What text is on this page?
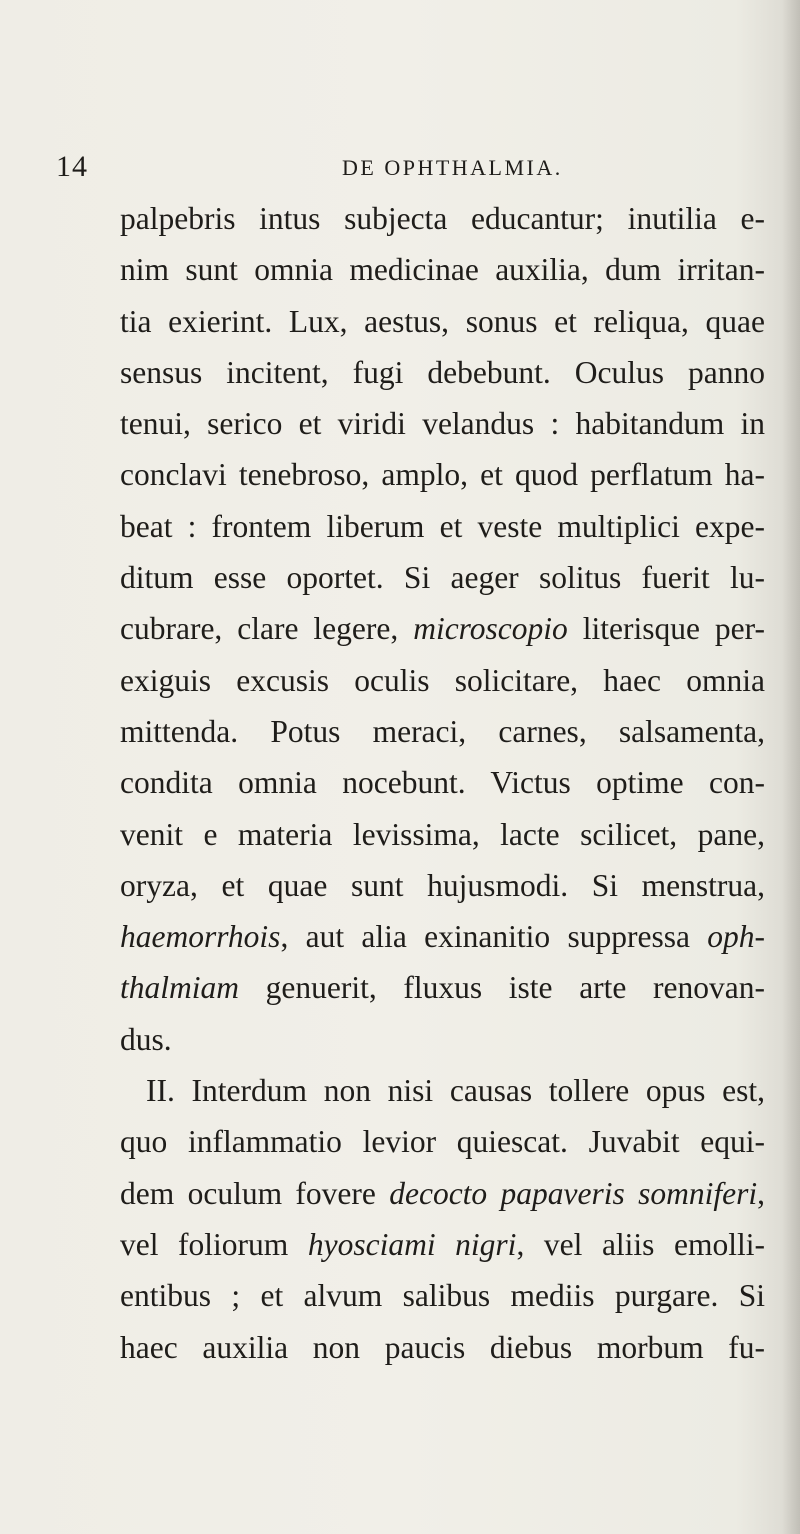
14	DE OPHTHALMIA.
palpebris intus subjecta educantur; inutilia e-
nim sunt omnia medicinae auxilia, dum irritan-
tia exierint. Lux, aestus, sonus et reliqua, quae
sensus incitent, fugi debebunt. Oculus panno
tenui, serico et viridi velandus : habitandum in
conclavi tenebroso, amplo, et quod perflatum ha-
beat : frontem liberum et veste multiplici expe-
ditum esse oportet. Si aeger solitus fuerit lu-
cubrare, clare legere, microscopio literisque per-
exiguis excusis oculis solicitare, haec omnia
mittenda. Potus meraci, carnes, salsamenta,
condita omnia nocebunt. Victus optime con-
venit e materia levissima, lacte scilicet, pane,
oryza, et quae sunt hujusmodi. Si menstrua,
haemorrhois, aut alia exinanitio suppressa oph-
thalmiam genuerit, fluxus iste arte renovan-
dus.
II. Interdum non nisi causas tollere opus est,
quo inflammatio levior quiescat. Juvabit equi-
dem oculum fovere decocto papaveris somniferi,
vel foliorum hyosciami nigri, vel aliis emolli-
entibus ; et alvum salibus mediis purgare. Si
haec auxilia non paucis diebus morbum fu-
